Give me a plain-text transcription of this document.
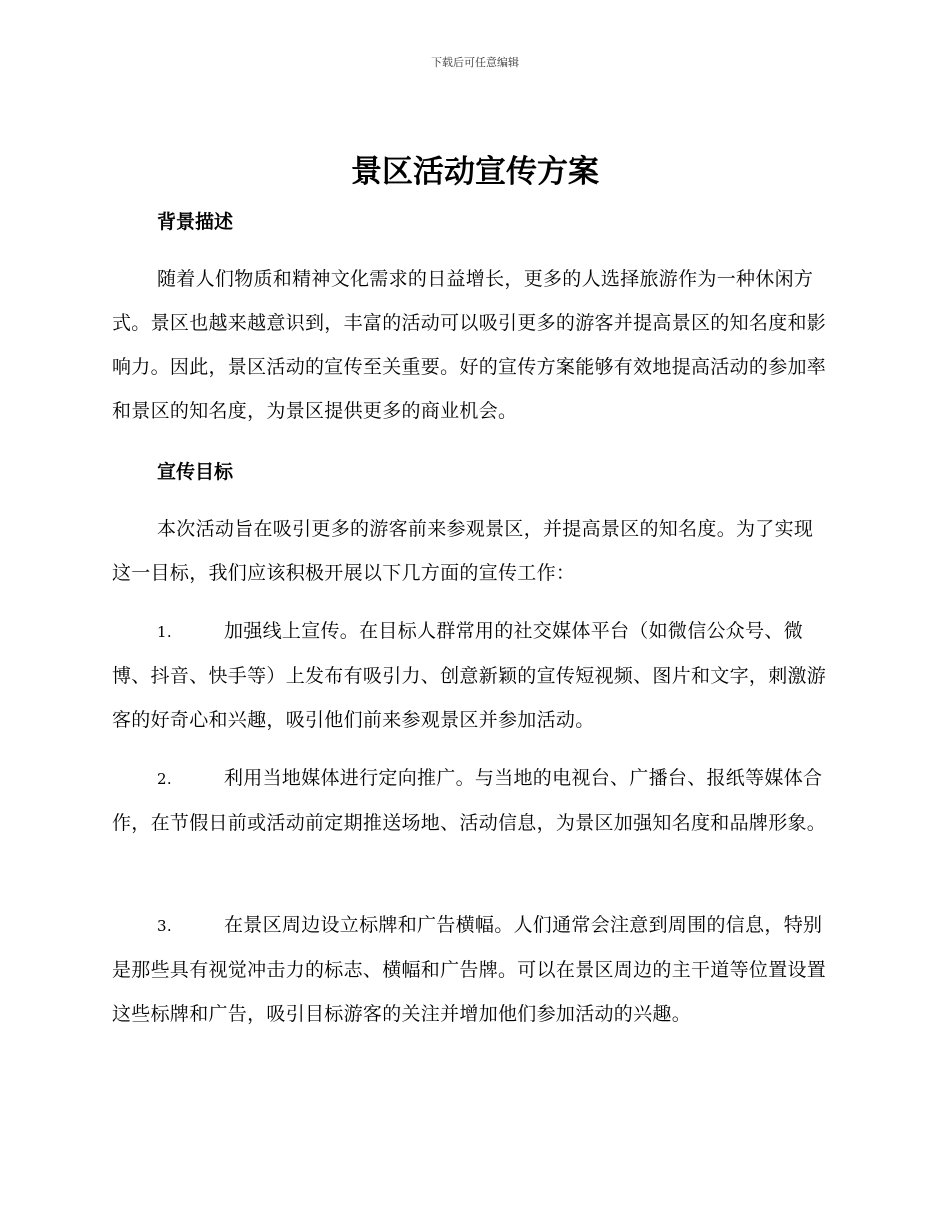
下载后可任意编辑
景区活动宣传方案
背景描述

随着人们物质和精神文化需求的日益增长，更多的人选择旅游作为一种休闲方式。景区也越来越意识到，丰富的活动可以吸引更多的游客并提高景区的知名度和影响力。因此，景区活动的宣传至关重要。好的宣传方案能够有效地提高活动的参加率和景区的知名度，为景区提供更多的商业机会。

宣传目标

本次活动旨在吸引更多的游客前来参观景区，并提高景区的知名度。为了实现这一目标，我们应该积极开展以下几方面的宣传工作：

1.	加强线上宣传。在目标人群常用的社交媒体平台（如微信公众号、微博、抖音、快手等）上发布有吸引力、创意新颖的宣传短视频、图片和文字，刺激游客的好奇心和兴趣，吸引他们前来参观景区并参加活动。
2.	利用当地媒体进行定向推广。与当地的电视台、广播台、报纸等媒体合作，在节假日前或活动前定期推送场地、活动信息，为景区加强知名度和品牌形象。
3.	在景区周边设立标牌和广告横幅。人们通常会注意到周围的信息，特别是那些具有视觉冲击力的标志、横幅和广告牌。可以在景区周边的主干道等位置设置这些标牌和广告，吸引目标游客的关注并增加他们参加活动的兴趣。
